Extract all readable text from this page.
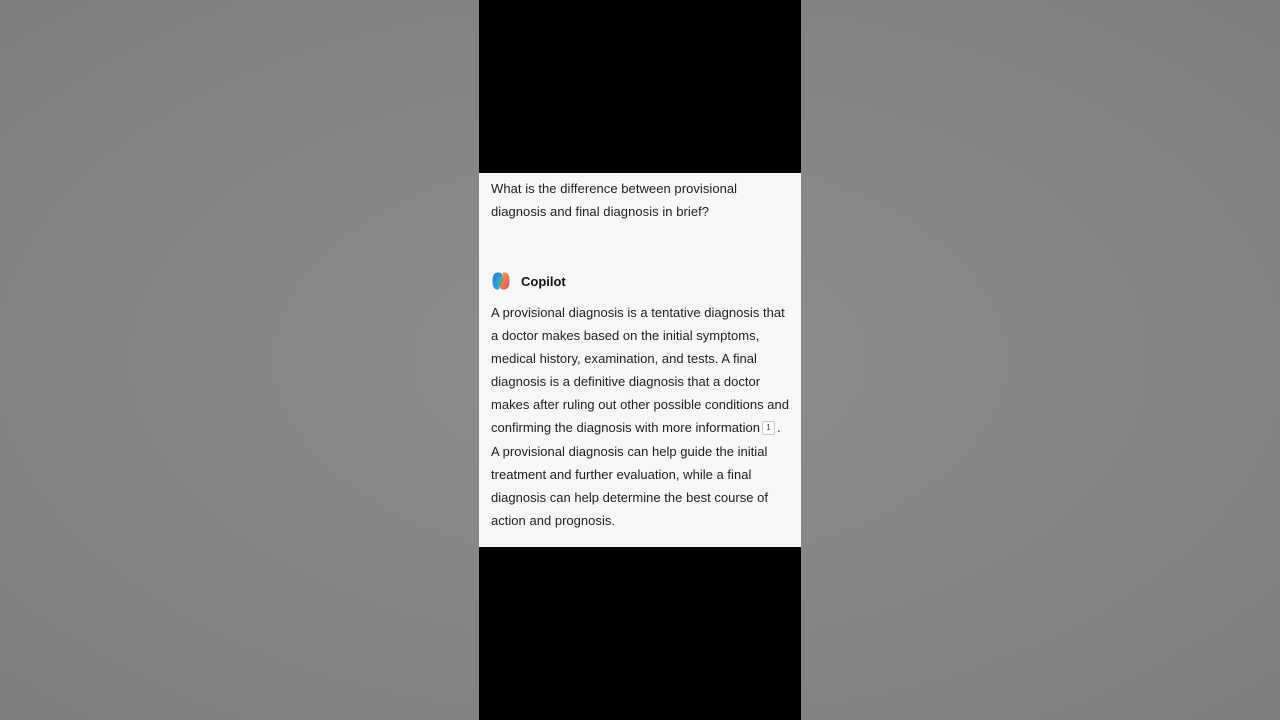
What is the difference between provisional diagnosis and final diagnosis in brief?

Copilot

A provisional diagnosis is a tentative diagnosis that a doctor makes based on the initial symptoms, medical history, examination, and tests. A final diagnosis is a definitive diagnosis that a doctor makes after ruling out other possible conditions and confirming the diagnosis with more information 1 . A provisional diagnosis can help guide the initial treatment and further evaluation, while a final diagnosis can help determine the best course of action and prognosis.
